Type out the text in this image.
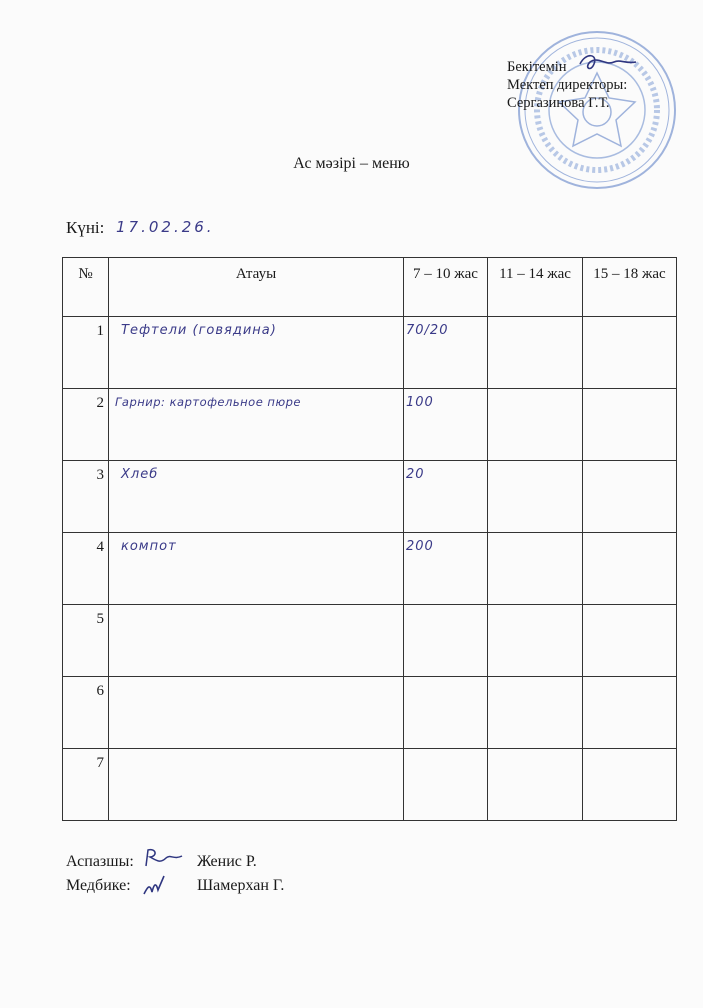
Бекітемін
Мектеп директоры:
Сергазинова Г.Т.
Ас мәзірі – меню
Күні: 17.02.26.
№	Атауы	7 – 10 жас	11 – 14 жас	15 – 18 жас
1	Тефтели (говядина)	70/20		

2	Гарнир: картофельное пюре	100		

3	Хлеб	20		

4	компот	200		

5	

6	

7	

Аспазшы:	Женис Р.
Медбике:	Шамерхан Г.
